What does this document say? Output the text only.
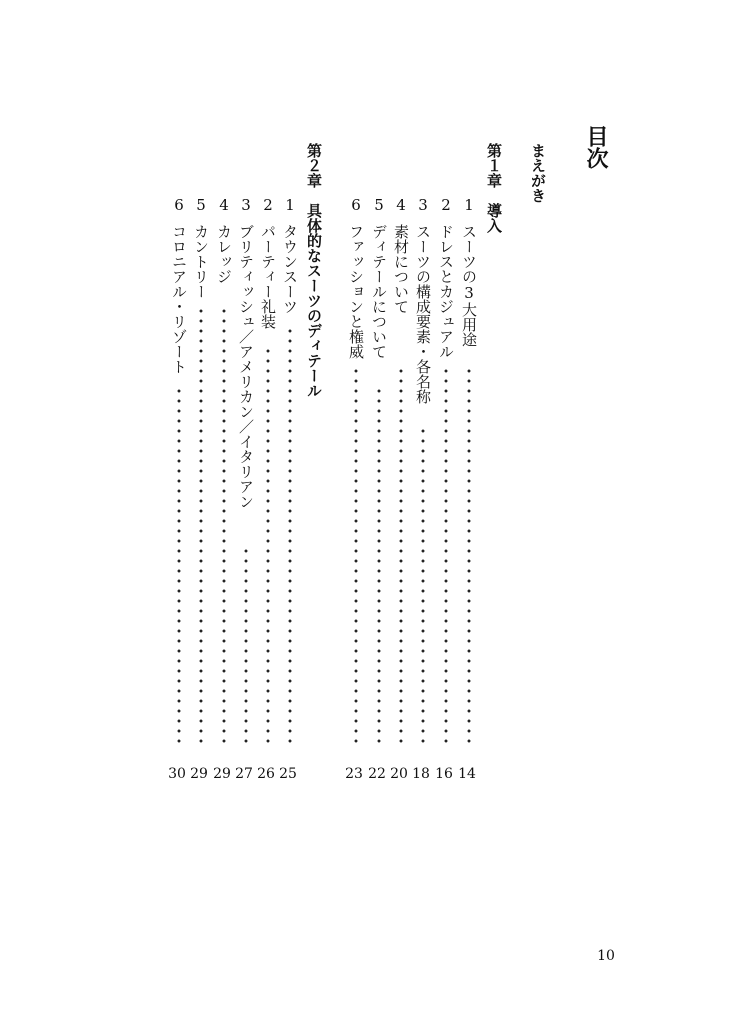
目次
まえがき
第１章　導入
第２章　具体的なスーツのディテール	1スーツの3大用途
2ドレスとカジュアル
3スーツの構成要素・各名称
4素材について
5ディテールについて
6ファッションと権威
1タウンスーツ
2パーティー礼装
3ブリティッシュ／アメリカン／イタリアン
4カレッジ
5カントリー
6コロニアル・リゾート
14
16
18
20
22
23
25
26
27
29
29
30
10
